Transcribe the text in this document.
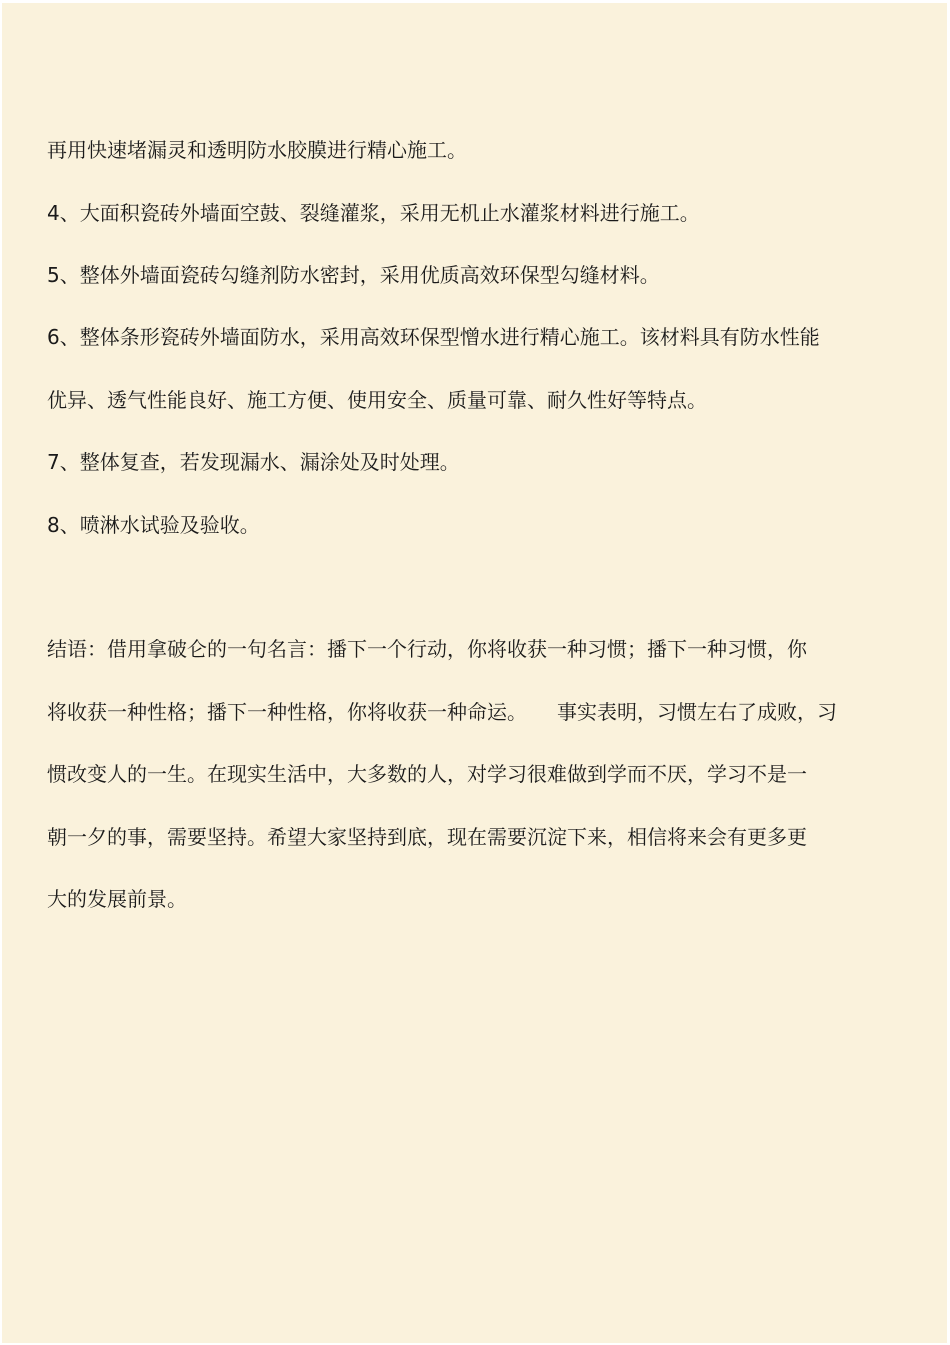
再用快速堵漏灵和透明防水胶膜进行精心施工。

4、大面积瓷砖外墙面空鼓、裂缝灌浆，采用无机止水灌浆材料进行施工。

5、整体外墙面瓷砖勾缝剂防水密封，采用优质高效环保型勾缝材料。

6、整体条形瓷砖外墙面防水，采用高效环保型憎水进行精心施工。该材料具有防水性能

优异、透气性能良好、施工方便、使用安全、质量可靠、耐久性好等特点。

7、整体复查，若发现漏水、漏涂处及时处理。

8、喷淋水试验及验收。

结语：借用拿破仑的一句名言：播下一个行动，你将收获一种习惯；播下一种习惯，你

将收获一种性格；播下一种性格，你将收获一种命运。　　事实表明，习惯左右了成败，习

惯改变人的一生。在现实生活中，大多数的人，对学习很难做到学而不厌，学习不是一

朝一夕的事，需要坚持。希望大家坚持到底，现在需要沉淀下来，相信将来会有更多更

大的发展前景。
